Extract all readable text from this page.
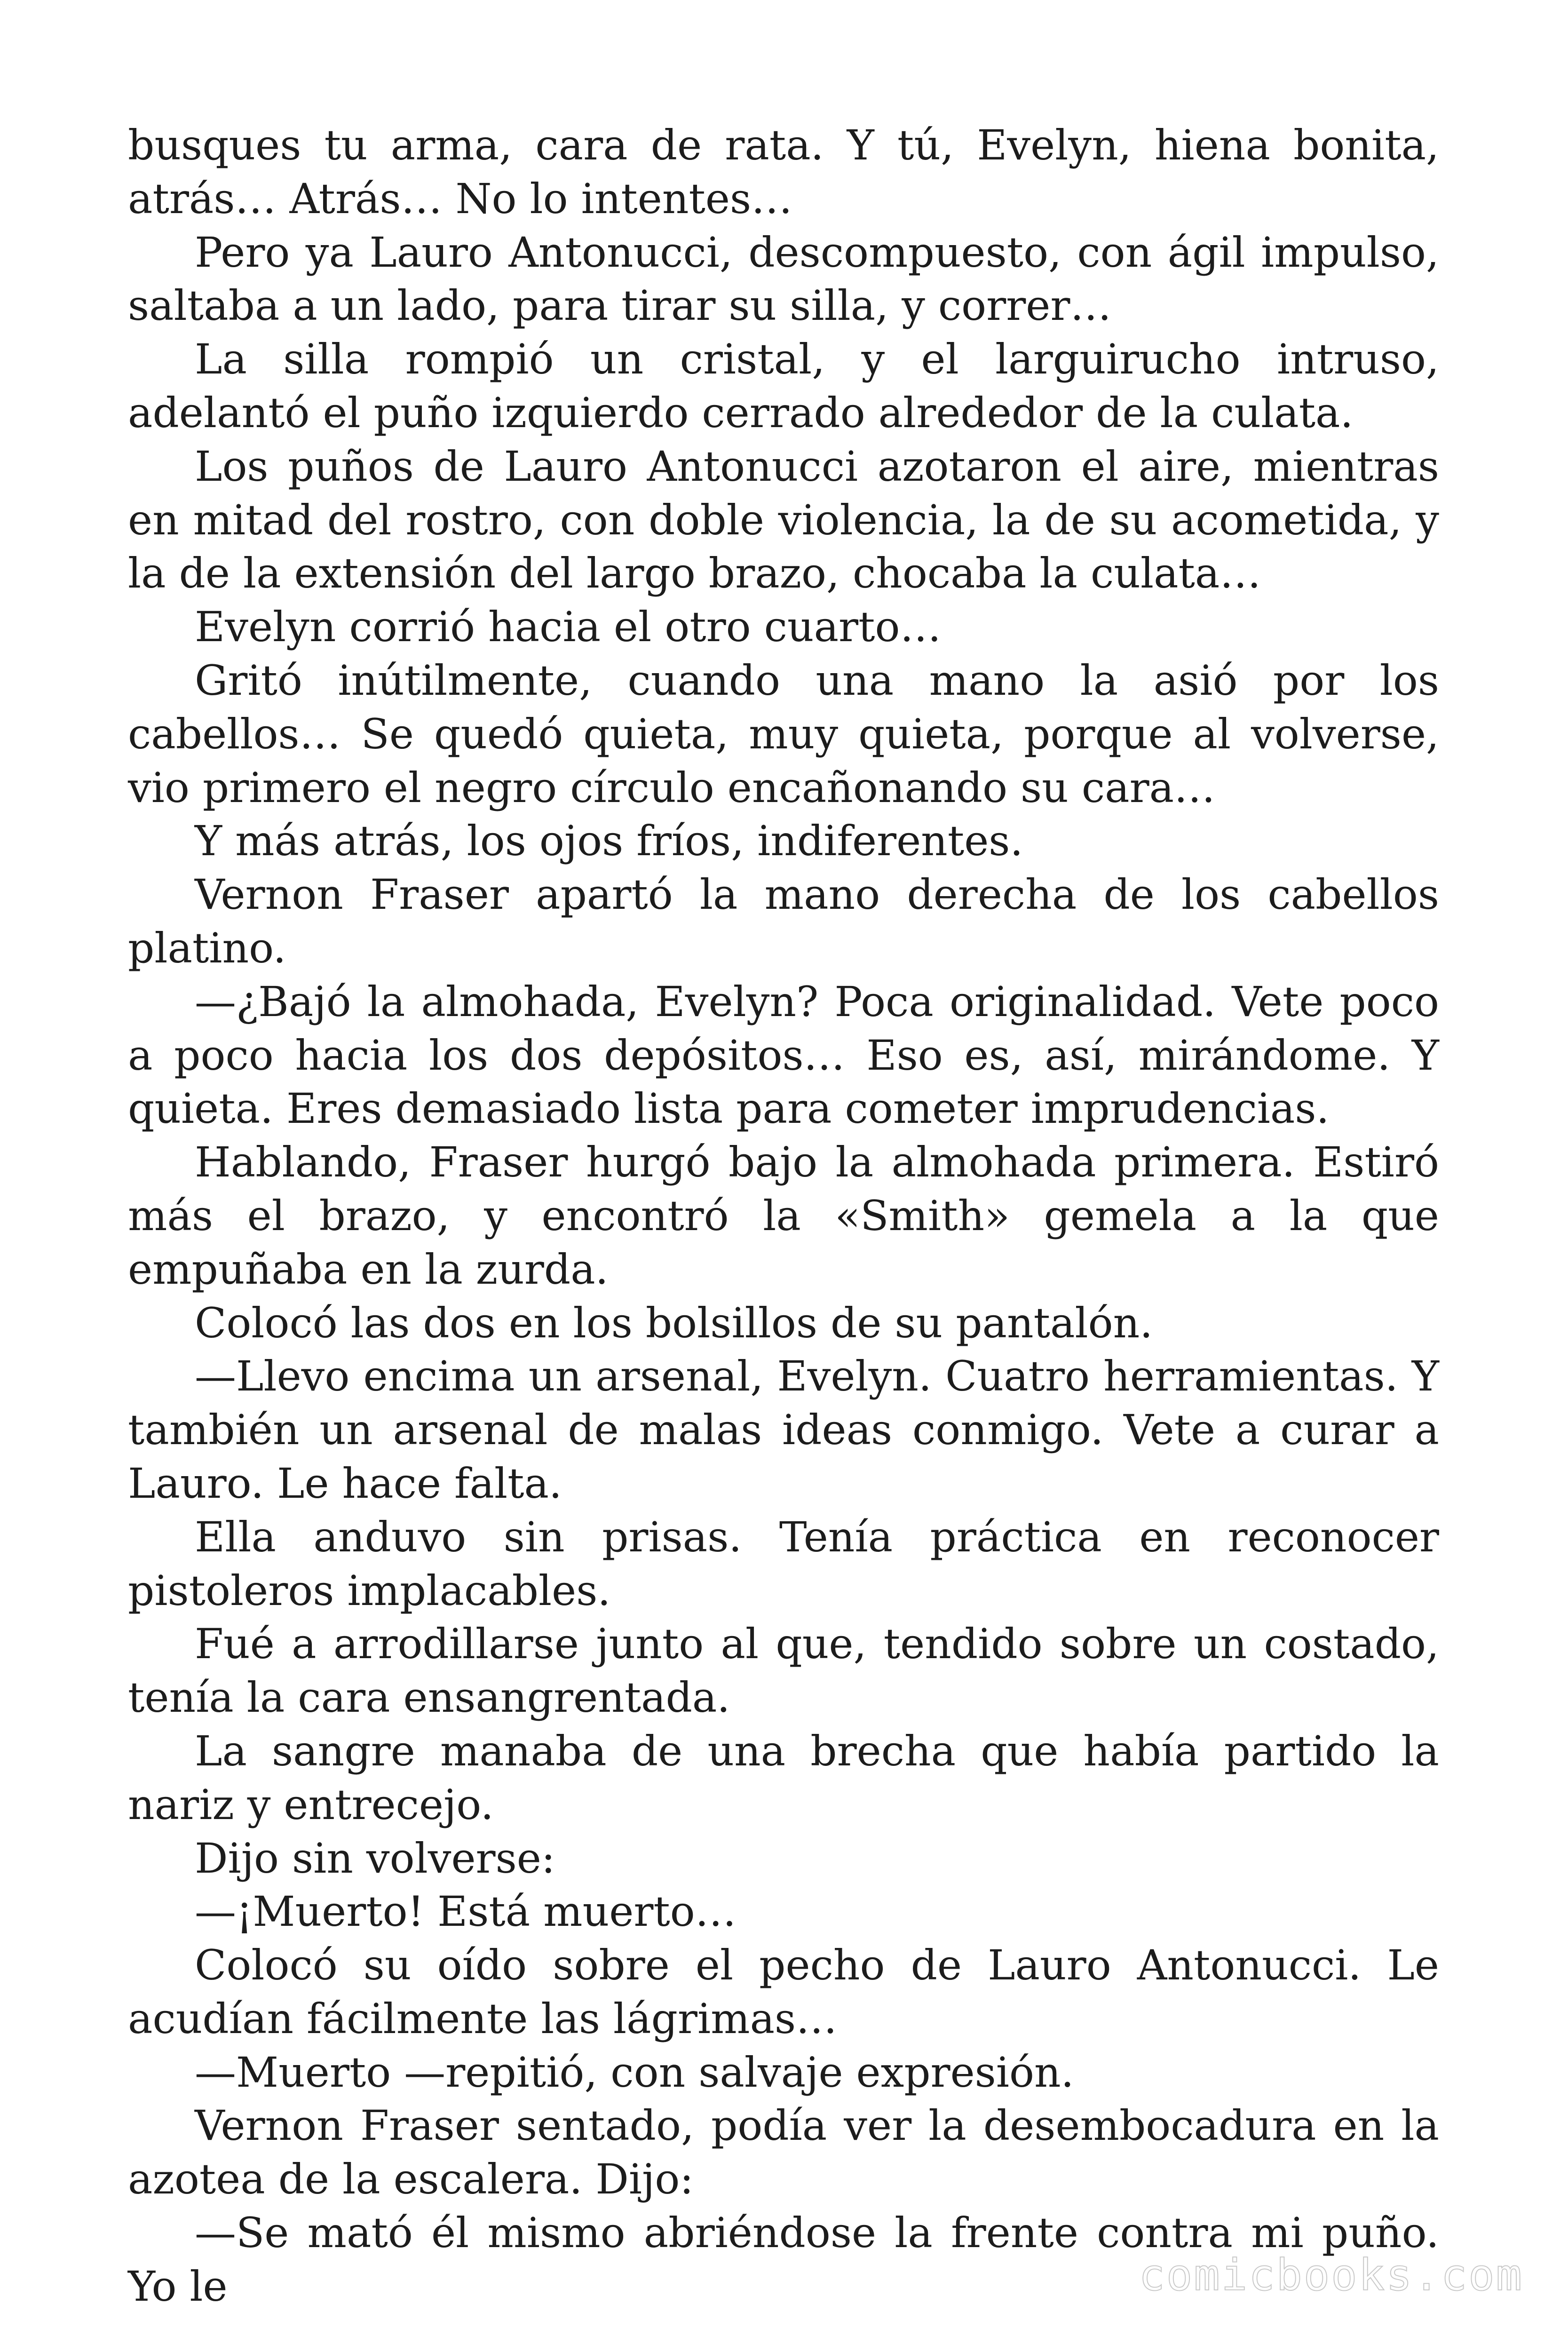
busques tu arma, cara de rata. Y tú, Evelyn, hiena bonita, atrás… Atrás… No lo intentes…

Pero ya Lauro Antonucci, descompuesto, con ágil impulso, saltaba a un lado, para tirar su silla, y correr…

La silla rompió un cristal, y el larguirucho intruso, adelantó el puño izquierdo cerrado alrededor de la culata.

Los puños de Lauro Antonucci azotaron el aire, mientras en mitad del rostro, con doble violencia, la de su acometida, y la de la extensión del largo brazo, chocaba la culata…

Evelyn corrió hacia el otro cuarto…

Gritó inútilmente, cuando una mano la asió por los cabellos… Se quedó quieta, muy quieta, porque al volverse, vio primero el negro círculo encañonando su cara…

Y más atrás, los ojos fríos, indiferentes.

Vernon Fraser apartó la mano derecha de los cabellos platino.

—¿Bajó la almohada, Evelyn? Poca originalidad. Vete poco a poco hacia los dos depósitos… Eso es, así, mirándome. Y quieta. Eres demasiado lista para cometer imprudencias.

Hablando, Fraser hurgó bajo la almohada primera. Estiró más el brazo, y encontró la «Smith» gemela a la que empuñaba en la zurda.

Colocó las dos en los bolsillos de su pantalón.

—Llevo encima un arsenal, Evelyn. Cuatro herramientas. Y también un arsenal de malas ideas conmigo. Vete a curar a Lauro. Le hace falta.

Ella anduvo sin prisas. Tenía práctica en reconocer pistoleros implacables.

Fué a arrodillarse junto al que, tendido sobre un costado, tenía la cara ensangrentada.

La sangre manaba de una brecha que había partido la nariz y entrecejo.

Dijo sin volverse:

—¡Muerto! Está muerto…

Colocó su oído sobre el pecho de Lauro Antonucci. Le acudían fácilmente las lágrimas…

—Muerto —repitió, con salvaje expresión.

Vernon Fraser sentado, podía ver la desembocadura en la azotea de la escalera. Dijo:

—Se mató él mismo abriéndose la frente contra mi puño. Yo le	comicbooks.com
